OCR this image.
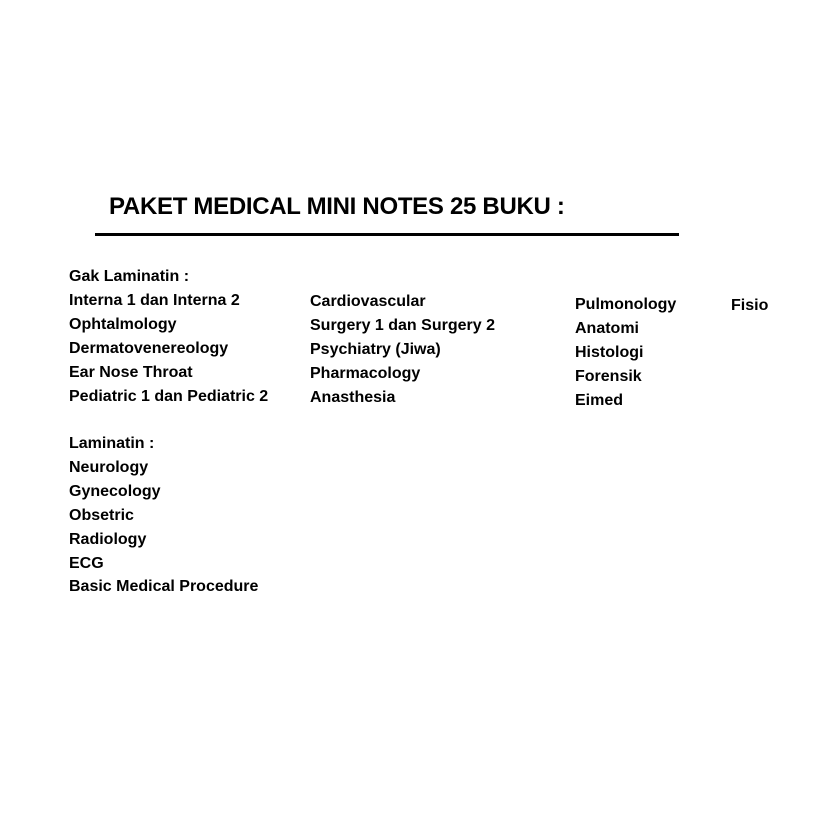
PAKET MEDICAL MINI NOTES 25 BUKU :
Gak Laminatin :
Interna 1 dan Interna 2
Ophtalmology
Dermatovenereology
Ear Nose Throat
Pediatric 1 dan Pediatric 2
Cardiovascular
Surgery 1 dan Surgery 2
Psychiatry (Jiwa)
Pharmacology
Anasthesia
Pulmonology
Anatomi
Histologi
Forensik
Eimed
Fisio
Laminatin :
Neurology
Gynecology
Obsetric
Radiology
ECG
Basic Medical Procedure
